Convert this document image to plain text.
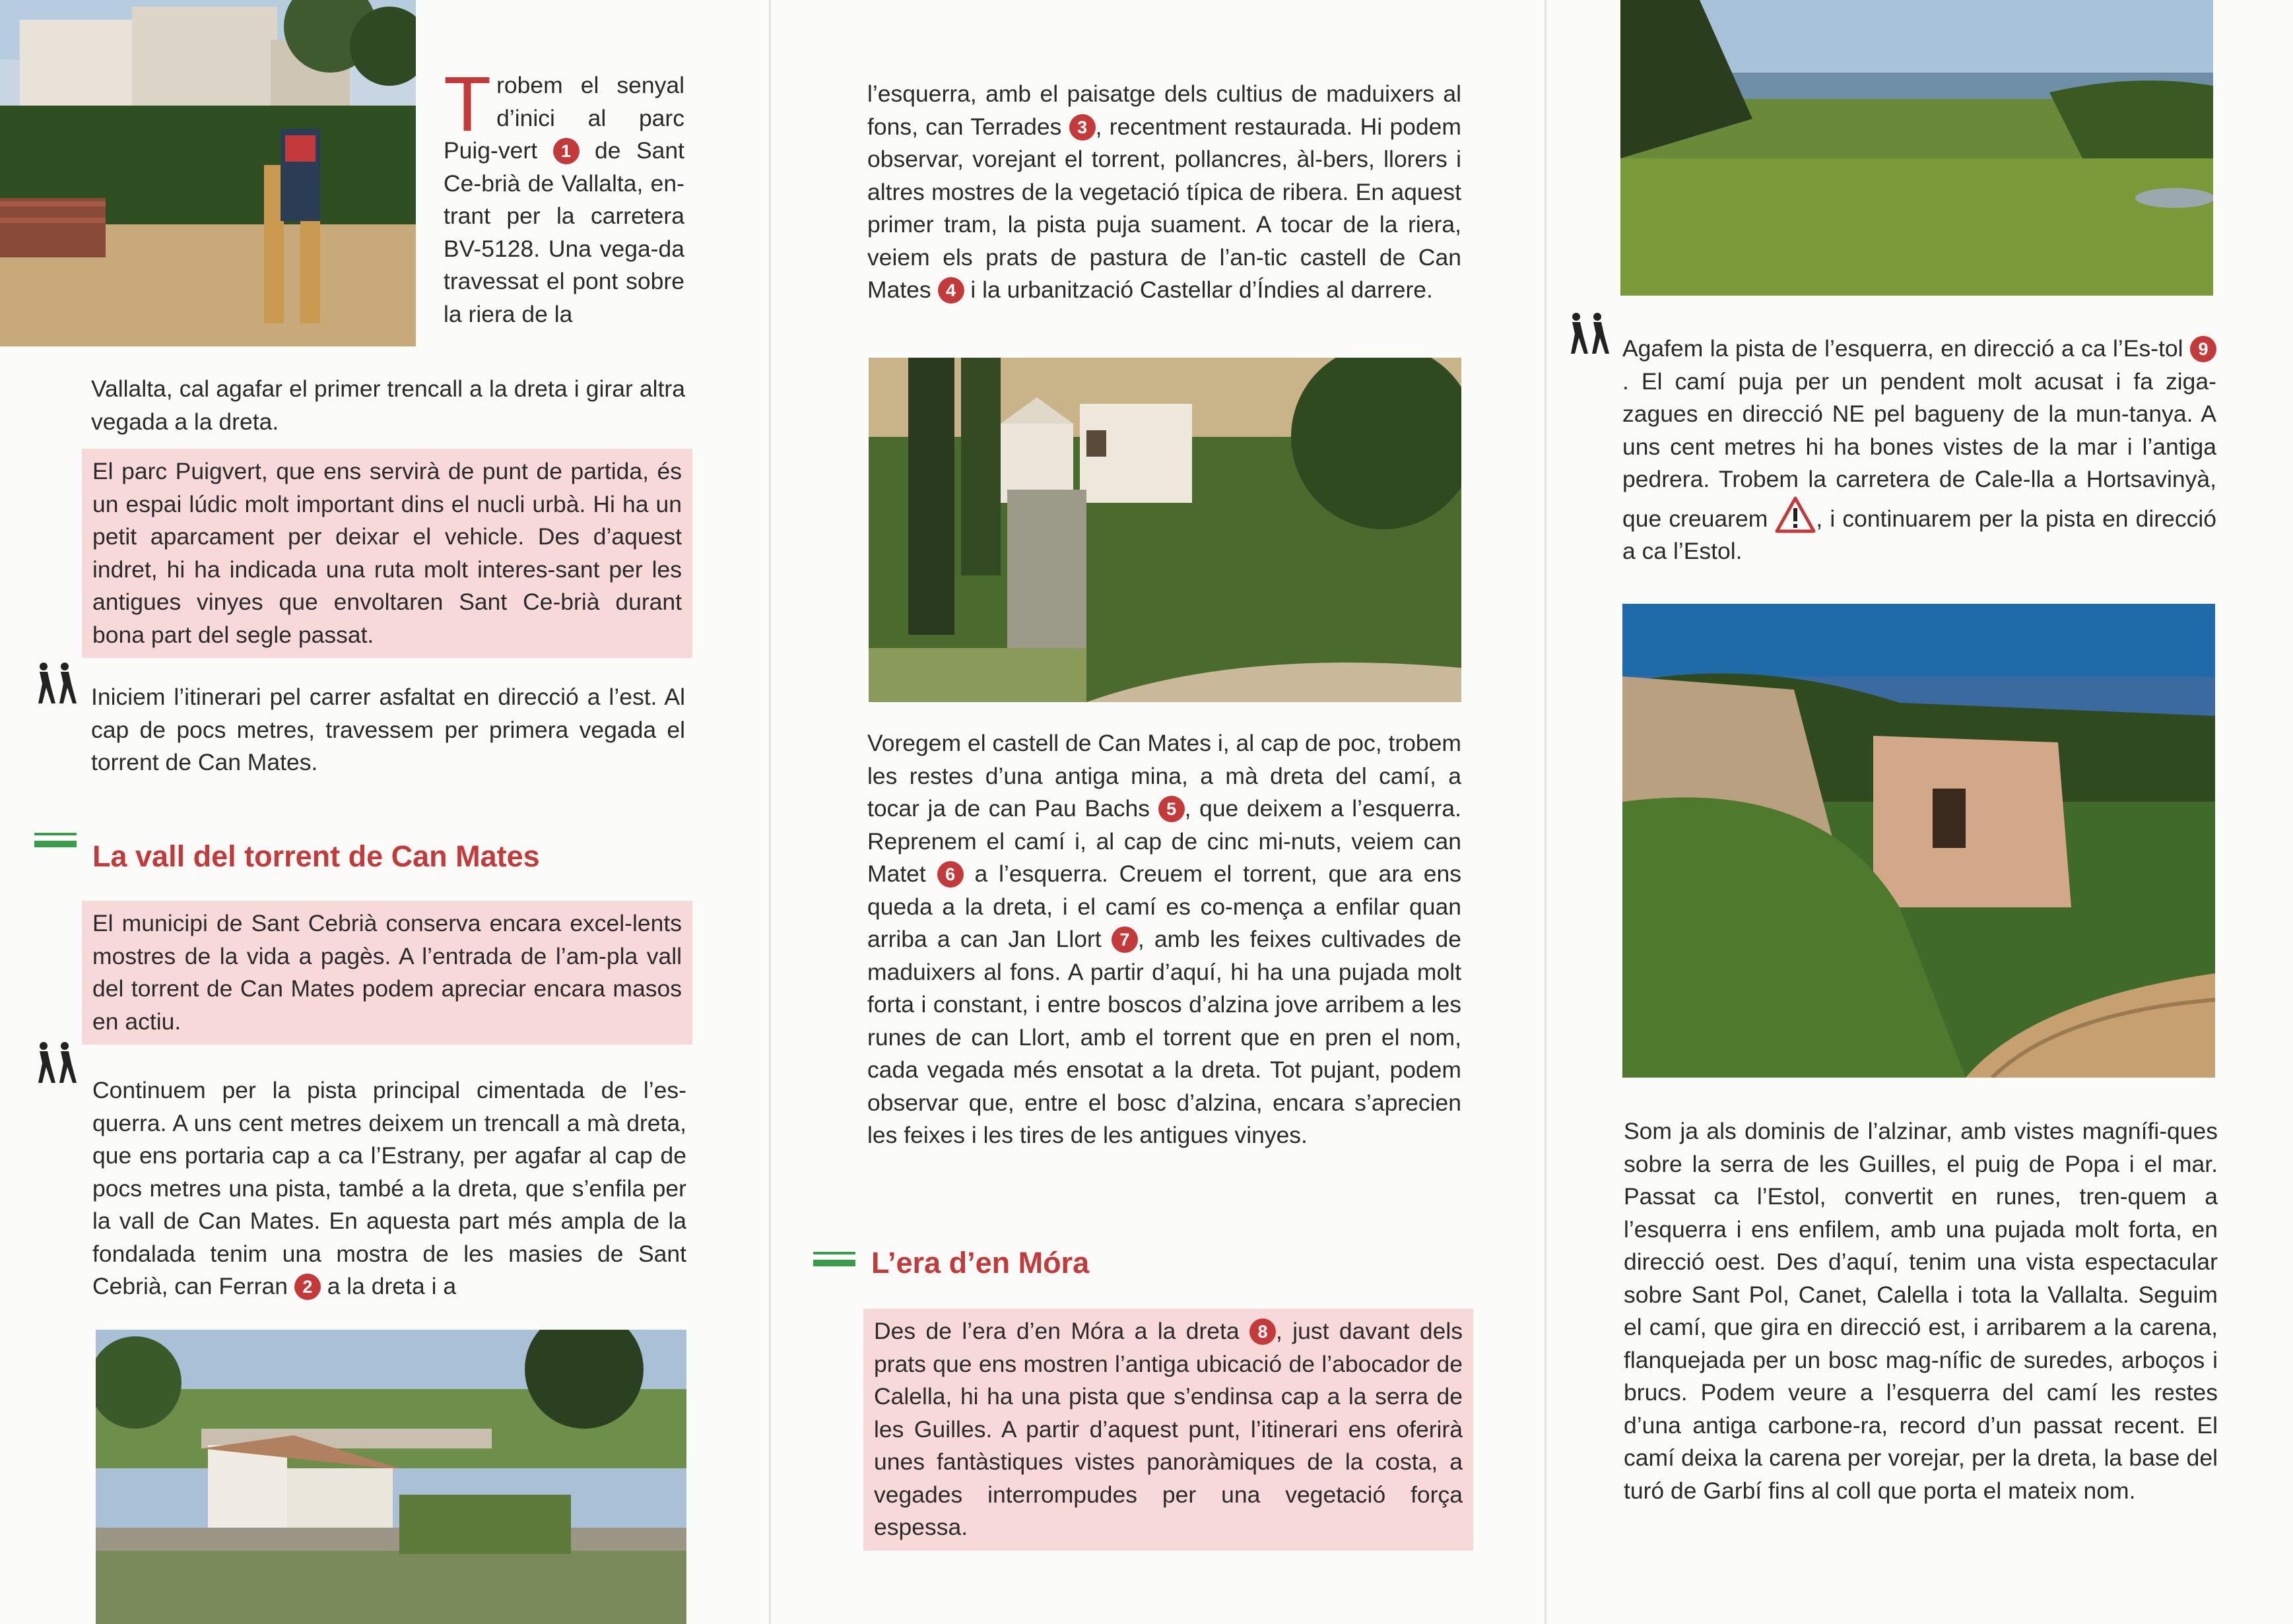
T robem el senyal d’inici al parc Puig-vert 1 de Sant Ce-brià de Vallalta, en-trant per la carretera BV-5128. Una vega-da travessat el pont sobre la riera de la

Vallalta, cal agafar el primer trencall a la dreta i girar altra vegada a la dreta.

El parc Puigvert, que ens servirà de punt de partida, és un espai lúdic molt important dins el nucli urbà. Hi ha un petit aparcament per deixar el vehicle. Des d’aquest indret, hi ha indicada una ruta molt interes-sant per les antigues vinyes que envoltaren Sant Ce-brià durant bona part del segle passat.

Iniciem l’itinerari pel carrer asfaltat en direcció a l’est. Al cap de pocs metres, travessem per primera vegada el torrent de Can Mates.

La vall del torrent de Can Mates
El municipi de Sant Cebrià conserva encara excel-lents mostres de la vida a pagès. A l’entrada de l’am-pla vall del torrent de Can Mates podem apreciar encara masos en actiu.

Continuem per la pista principal cimentada de l’es-querra. A uns cent metres deixem un trencall a mà dreta, que ens portaria cap a ca l’Estrany, per agafar al cap de pocs metres una pista, també a la dreta, que s’enfila per la vall de Can Mates. En aquesta part més ampla de la fondalada tenim una mostra de les masies de Sant Cebrià, can Ferran 2 a la dreta i a

l’esquerra, amb el paisatge dels cultius de maduixers al fons, can Terrades 3 , recentment restaurada. Hi podem observar, vorejant el torrent, pollancres, àl-bers, llorers i altres mostres de la vegetació típica de ribera. En aquest primer tram, la pista puja suament. A tocar de la riera, veiem els prats de pastura de l’an-tic castell de Can Mates 4 i la urbanització Castellar d’Índies al darrere.

Voregem el castell de Can Mates i, al cap de poc, trobem les restes d’una antiga mina, a mà dreta del camí, a tocar ja de can Pau Bachs 5 , que deixem a l’esquerra. Reprenem el camí i, al cap de cinc mi-nuts, veiem can Matet 6 a l’esquerra. Creuem el torrent, que ara ens queda a la dreta, i el camí es co-mença a enfilar quan arriba a can Jan Llort 7 , amb les feixes cultivades de maduixers al fons. A partir d’aquí, hi ha una pujada molt forta i constant, i entre boscos d’alzina jove arribem a les runes de can Llort, amb el torrent que en pren el nom, cada vegada més ensotat a la dreta. Tot pujant, podem observar que, entre el bosc d’alzina, encara s’aprecien les feixes i les tires de les antigues vinyes.

L’era d’en Móra
Des de l’era d’en Móra a la dreta 8 , just davant dels prats que ens mostren l’antiga ubicació de l’abocador de Calella, hi ha una pista que s’endinsa cap a la serra de les Guilles. A partir d’aquest punt, l’itinerari ens oferirà unes fantàstiques vistes panoràmiques de la costa, a vegades interrompudes per una vegetació força espessa.

Agafem la pista de l’esquerra, en direcció a ca l’Es-tol 9. El camí puja per un pendent molt acusat i fa ziga-zagues en direcció NE pel bagueny de la mun-tanya. A uns cent metres hi ha bones vistes de la mar i l’antiga pedrera. Trobem la carretera de Cale-lla a Hortsavinyà, que creuarem , i continuarem per la pista en direcció a ca l’Estol.

Som ja als dominis de l’alzinar, amb vistes magnífi-ques sobre la serra de les Guilles, el puig de Popa i el mar. Passat ca l’Estol, convertit en runes, tren-quem a l’esquerra i ens enfilem, amb una pujada molt forta, en direcció oest. Des d’aquí, tenim una vista espectacular sobre Sant Pol, Canet, Calella i tota la Vallalta. Seguim el camí, que gira en direcció est, i arribarem a la carena, flanquejada per un bosc mag-nífic de suredes, arboços i brucs. Podem veure a l’esquerra del camí les restes d’una antiga carbone-ra, record d’un passat recent. El camí deixa la carena per vorejar, per la dreta, la base del turó de Garbí fins al coll que porta el mateix nom.
